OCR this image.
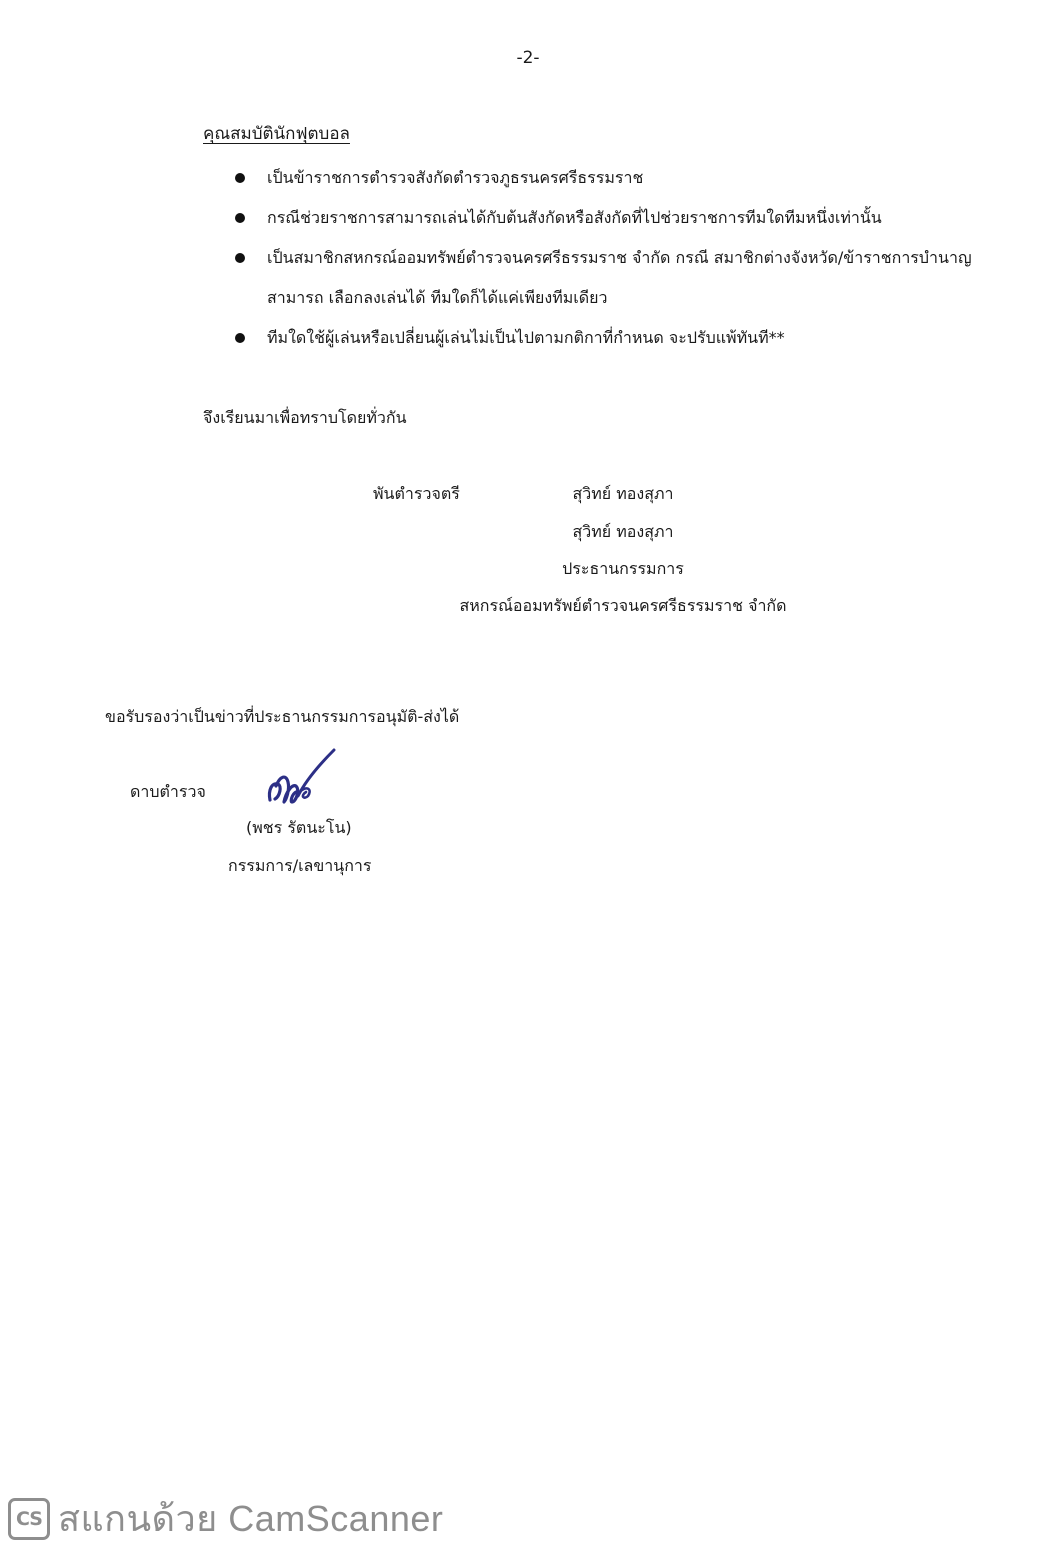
-2-
คุณสมบัตินักฟุตบอล
เป็นข้าราชการตำรวจสังกัดตำรวจภูธรนครศรีธรรมราช
กรณีช่วยราชการสามารถเล่นได้กับต้นสังกัดหรือสังกัดที่ไปช่วยราชการทีมใดทีมหนึ่งเท่านั้น
เป็นสมาชิกสหกรณ์ออมทรัพย์ตำรวจนครศรีธรรมราช จำกัด กรณี สมาชิกต่างจังหวัด/ข้าราชการบำนาญ สามารถ เลือกลงเล่นได้ ทีมใดก็ได้แค่เพียงทีมเดียว
ทีมใดใช้ผู้เล่นหรือเปลี่ยนผู้เล่นไม่เป็นไปตามกติกาที่กำหนด จะปรับแพ้ทันที**
จึงเรียนมาเพื่อทราบโดยทั่วกัน
พันตำรวจตรี	สุวิทย์ ทองสุภา
สุวิทย์ ทองสุภา
ประธานกรรมการ
สหกรณ์ออมทรัพย์ตำรวจนครศรีธรรมราช จำกัด
ขอรับรองว่าเป็นข่าวที่ประธานกรรมการอนุมัติ-ส่งได้
ดาบตำรวจ
(พชร รัตนะโน)
กรรมการ/เลขานุการ
CS สแกนด้วย CamScanner
